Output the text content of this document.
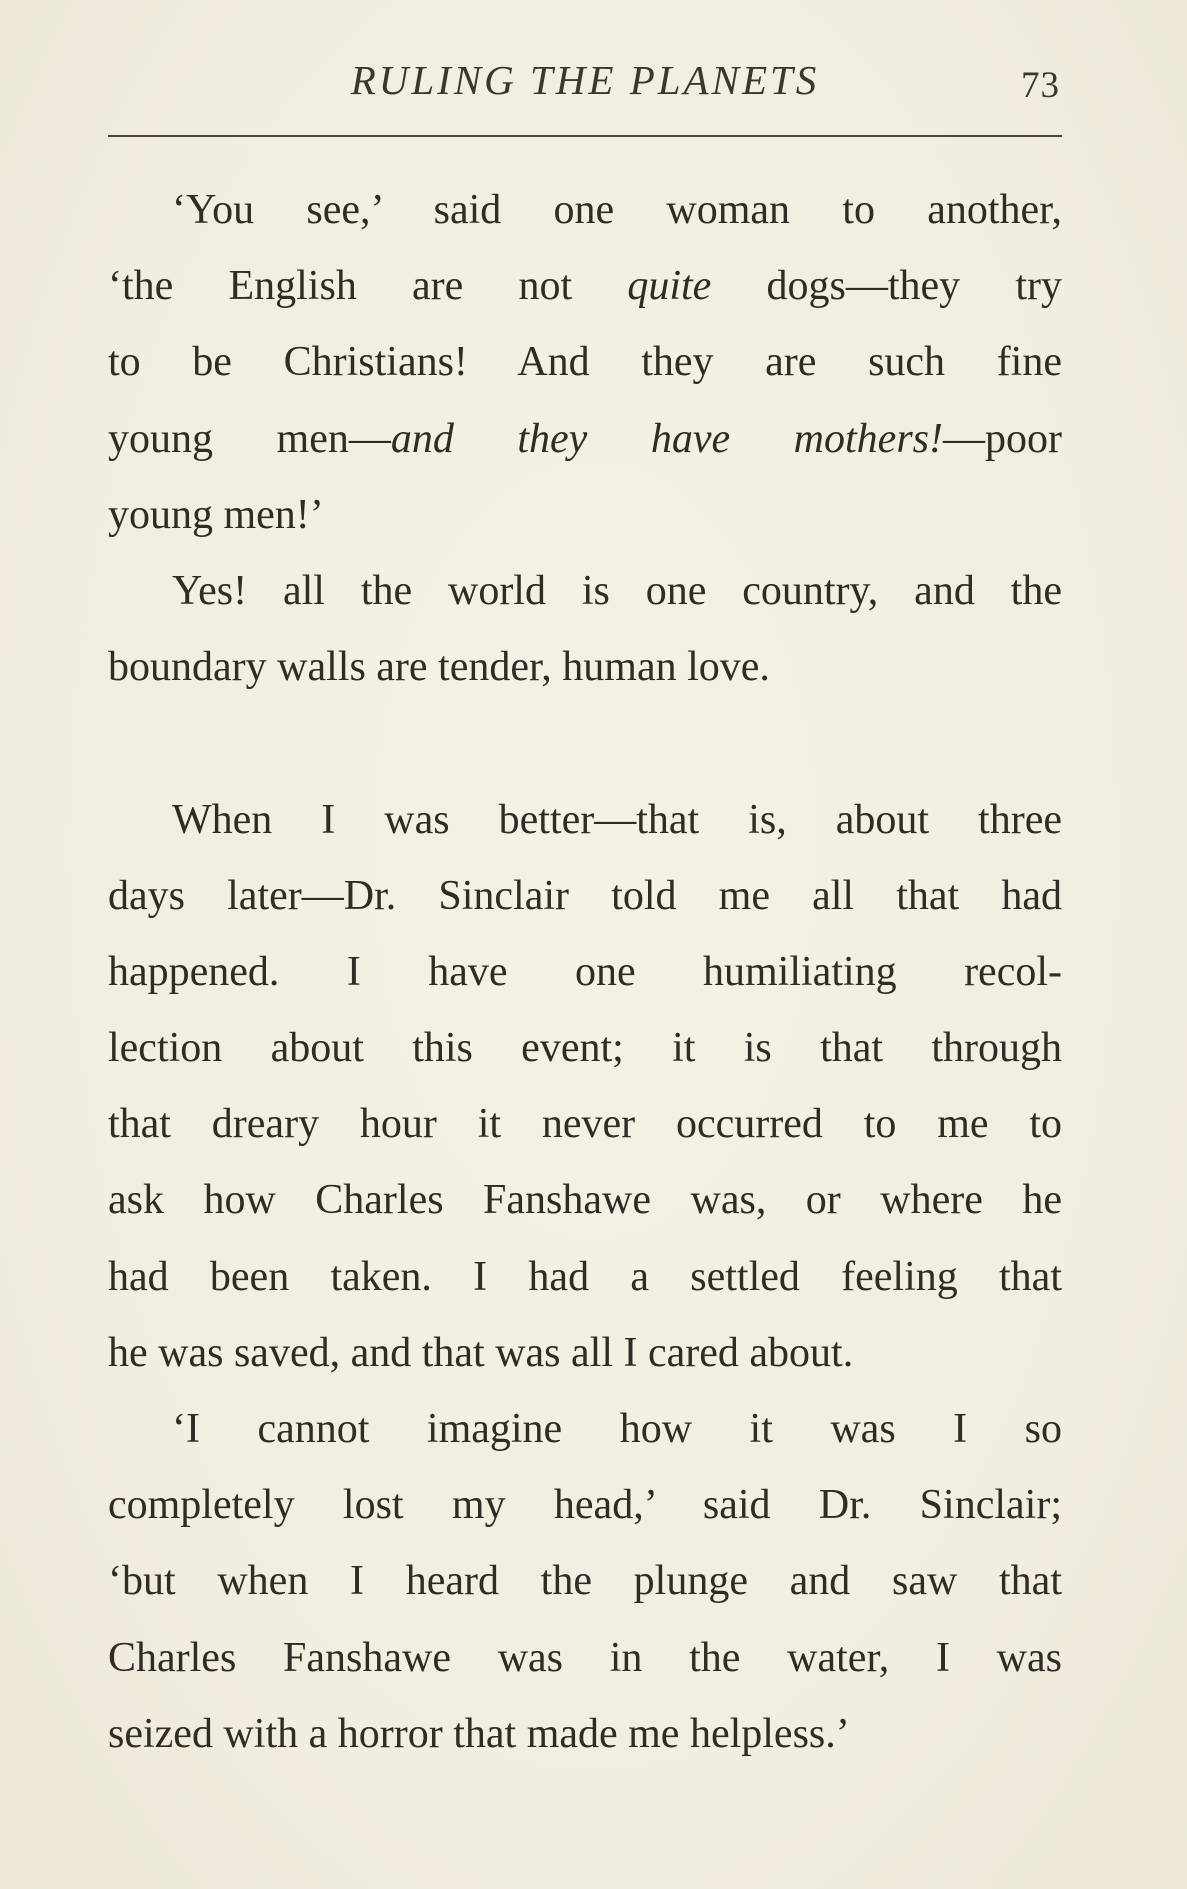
RULING THE PLANETS	73
‘You see,’ said one woman to another,
‘the English are not quite dogs—they try
to be Christians! And they are such fine
young men—and they have mothers!—poor
young men!’
Yes! all the world is one country, and the
boundary walls are tender, human love.
When I was better—that is, about three
days later—Dr. Sinclair told me all that had
happened. I have one humiliating recol-
lection about this event; it is that through
that dreary hour it never occurred to me to
ask how Charles Fanshawe was, or where he
had been taken. I had a settled feeling that
he was saved, and that was all I cared about.
‘I cannot imagine how it was I so
completely lost my head,’ said Dr. Sinclair;
‘but when I heard the plunge and saw that
Charles Fanshawe was in the water, I was
seized with a horror that made me helpless.’
